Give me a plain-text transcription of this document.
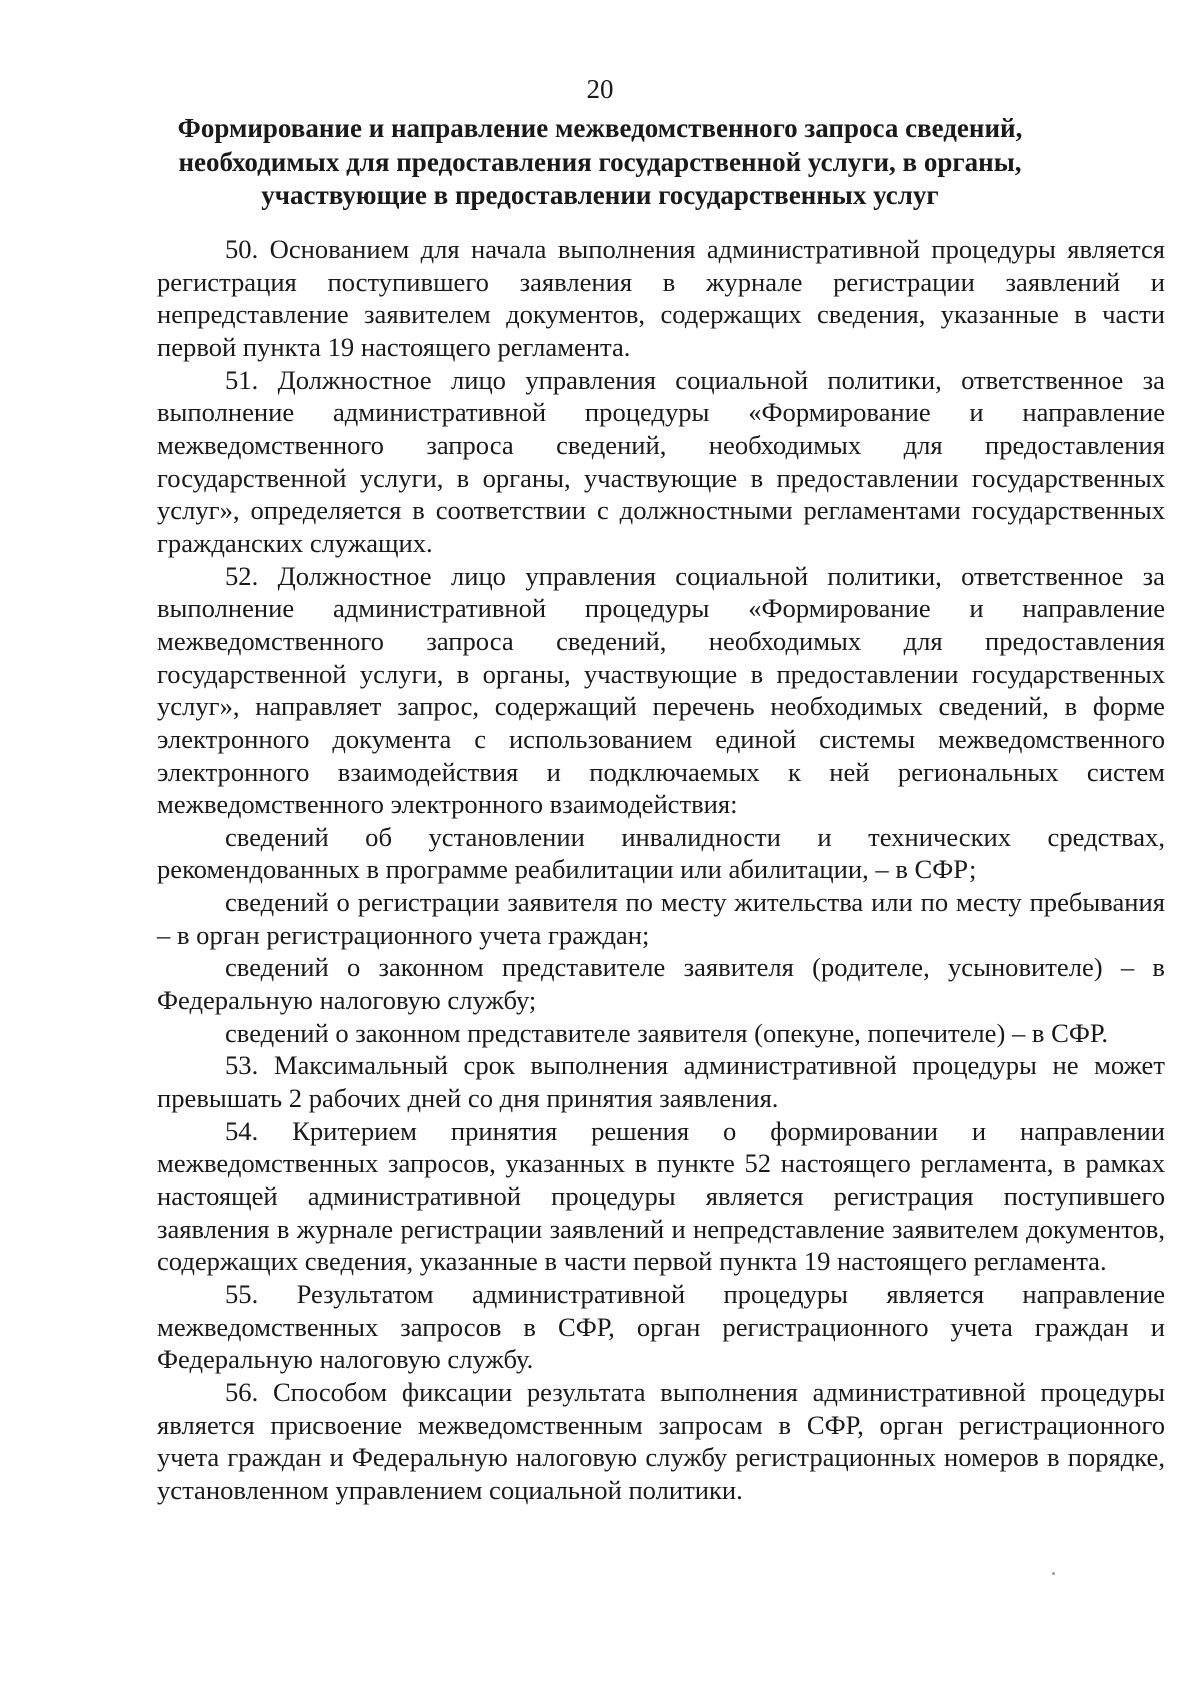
20
Формирование и направление межведомственного запроса сведений,
необходимых для предоставления государственной услуги, в органы,
участвующие в предоставлении государственных услуг

50. Основанием для начала выполнения административной процедуры является регистрация поступившего заявления в журнале регистрации заявлений и непредставление заявителем документов, содержащих сведения, указанные в части первой пункта 19 настоящего регламента.

51. Должностное лицо управления социальной политики, ответственное за выполнение административной процедуры «Формирование и направление межведомственного запроса сведений, необходимых для предоставления государственной услуги, в органы, участвующие в предоставлении государственных услуг», определяется в соответствии с должностными регламентами государственных гражданских служащих.

52. Должностное лицо управления социальной политики, ответственное за выполнение административной процедуры «Формирование и направление межведомственного запроса сведений, необходимых для предоставления государственной услуги, в органы, участвующие в предоставлении государственных услуг», направляет запрос, содержащий перечень необходимых сведений, в форме электронного документа с использованием единой системы межведомственного электронного взаимодействия и подключаемых к ней региональных систем межведомственного электронного взаимодействия:

сведений об установлении инвалидности и технических средствах, рекомендованных в программе реабилитации или абилитации, – в СФР;

сведений о регистрации заявителя по месту жительства или по месту пребывания – в орган регистрационного учета граждан;

сведений о законном представителе заявителя (родителе, усыновителе) – в Федеральную налоговую службу;

сведений о законном представителе заявителя (опекуне, попечителе) – в СФР.

53. Максимальный срок выполнения административной процедуры не может превышать 2 рабочих дней со дня принятия заявления.

54. Критерием принятия решения о формировании и направлении межведомственных запросов, указанных в пункте 52 настоящего регламента, в рамках настоящей административной процедуры является регистрация поступившего заявления в журнале регистрации заявлений и непредставление заявителем документов, содержащих сведения, указанные в части первой пункта 19 настоящего регламента.

55. Результатом административной процедуры является направление межведомственных запросов в СФР, орган регистрационного учета граждан и Федеральную налоговую службу.

56. Способом фиксации результата выполнения административной процедуры является присвоение межведомственным запросам в СФР, орган регистрационного учета граждан и Федеральную налоговую службу регистрационных номеров в порядке, установленном управлением социальной политики.
